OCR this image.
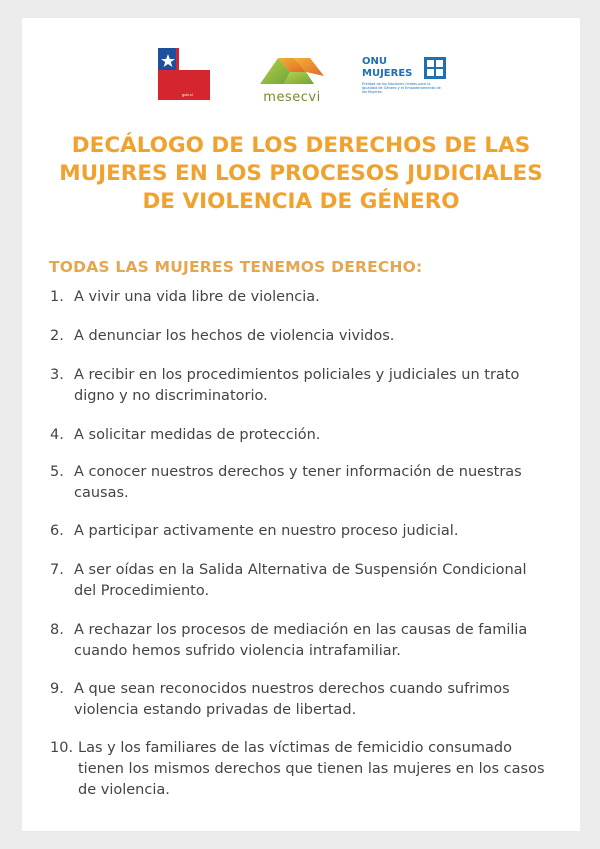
Gobierno
de Chile
gob.cl	mesecvi
ONU
MUJERES
Entidad de las Naciones Unidas para la Igualdad de Género y el Empoderamiento de las Mujeres
DECÁLOGO DE LOS DERECHOS DE LAS
MUJERES EN LOS PROCESOS JUDICIALES
DE VIOLENCIA DE GÉNERO
TODAS LAS MUJERES TENEMOS DERECHO:
1. A vivir una vida libre de violencia.
2. A denunciar los hechos de violencia vividos.
3. A recibir en los procedimientos policiales y judiciales un trato digno y no discriminatorio.
4. A solicitar medidas de protección.
5. A conocer nuestros derechos y tener información de nuestras causas.
6. A participar activamente en nuestro proceso judicial.
7. A ser oídas en la Salida Alternativa de Suspensión Condicional del Procedimiento.
8. A rechazar los procesos de mediación en las causas de familia cuando hemos sufrido violencia intrafamiliar.
9. A que sean reconocidos nuestros derechos cuando sufrimos violencia estando privadas de libertad.
10. Las y los familiares de las víctimas de femicidio consumado tienen los mismos derechos que tienen las mujeres en los casos de violencia.
